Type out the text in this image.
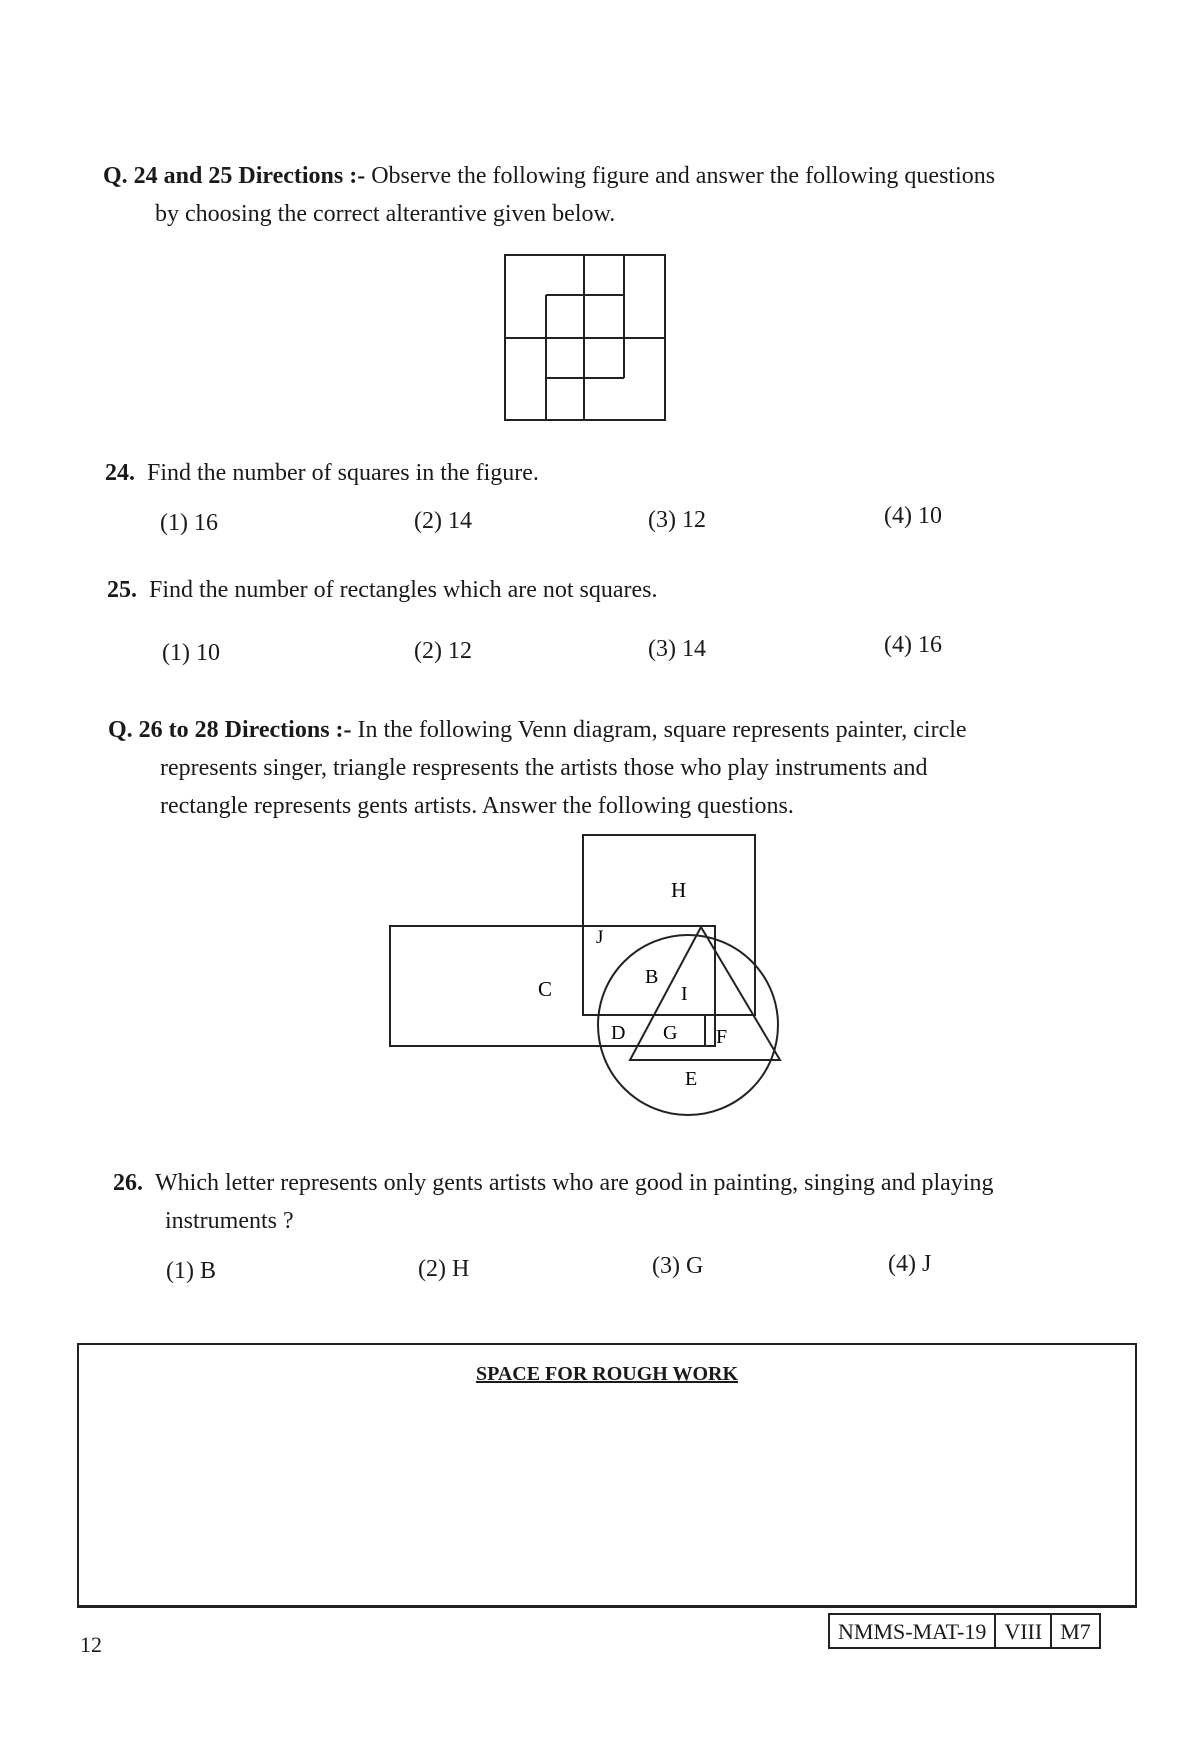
Q. 24 and 25 Directions :- Observe the following figure and answer the following questions
by choosing the correct alterantive given below.
24. Find the number of squares in the figure.
(1) 16	(2) 14	(3) 12	(4) 10
25. Find the number of rectangles which are not squares.
(1) 10	(2) 12	(3) 14	(4) 16
Q. 26 to 28 Directions :- In the following Venn diagram, square represents painter, circle
represents singer, triangle respresents the artists those who play instruments and
rectangle represents gents artists. Answer the following questions.
H
J
C	B
I
D G F
E
26. Which letter represents only gents artists who are good in painting, singing and playing
instruments ?
(1) B	(2) H	(3) G	(4) J
SPACE FOR ROUGH WORK
12
NMMS-MAT-19 VIII M7
